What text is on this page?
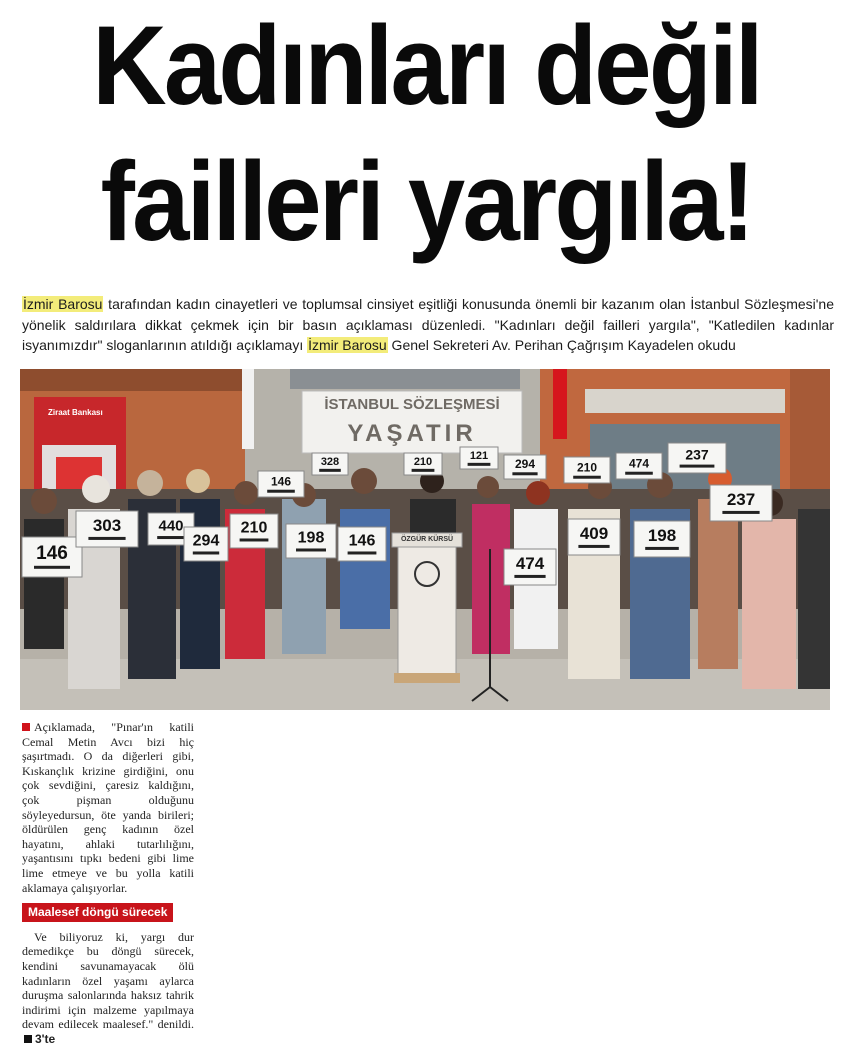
Kadınları değil
failleri yargıla!

İzmir Barosu tarafından kadın cinayetleri ve toplumsal cinsiyet eşitliği konusunda önemli bir kazanım olan İstanbul Sözleşmesi'ne yönelik saldırılara dikkat çekmek için bir basın açıklaması düzenledi. "Kadınları değil failleri yargıla", "Katledilen kadınlar isyanımızdır" sloganlarının atıldığı açıklamayı İzmir Barosu Genel Sekreteri Av. Perihan Çağrışım Kayadelen okudu

ÖZGÜR KÜRSÜ
Ziraat Bankası	İSTANBUL SÖZLEŞMESİ
YAŞATIR
146
303 440
294
210
198 146
146
328	210	121
294	210	474
237
237
409
474
198

Açıklamada, "Pınar'ın katili Cemal Metin Avcı bizi hiç şaşırtmadı. O da diğerleri gibi, Kıskançlık krizine girdiğini, onu çok sevdiğini, çaresiz kaldığını, çok pişman olduğunu söyleyedursun, öte yanda birileri; öldürülen genç kadının özel hayatını, ahlaki tutarlılığını, yaşantısını tıpkı bedeni gibi lime lime etmeye ve bu yolla katili aklamaya çalışıyorlar.

Maalesef döngü sürecek

Ve biliyoruz ki, yargı dur demedikçe bu döngü sürecek, kendini savunamayacak ölü kadınların özel yaşamı aylarca duruşma salonlarında haksız tahrik indirimi için malzeme yapılmaya devam edilecek maalesef." denildi. 3'te
